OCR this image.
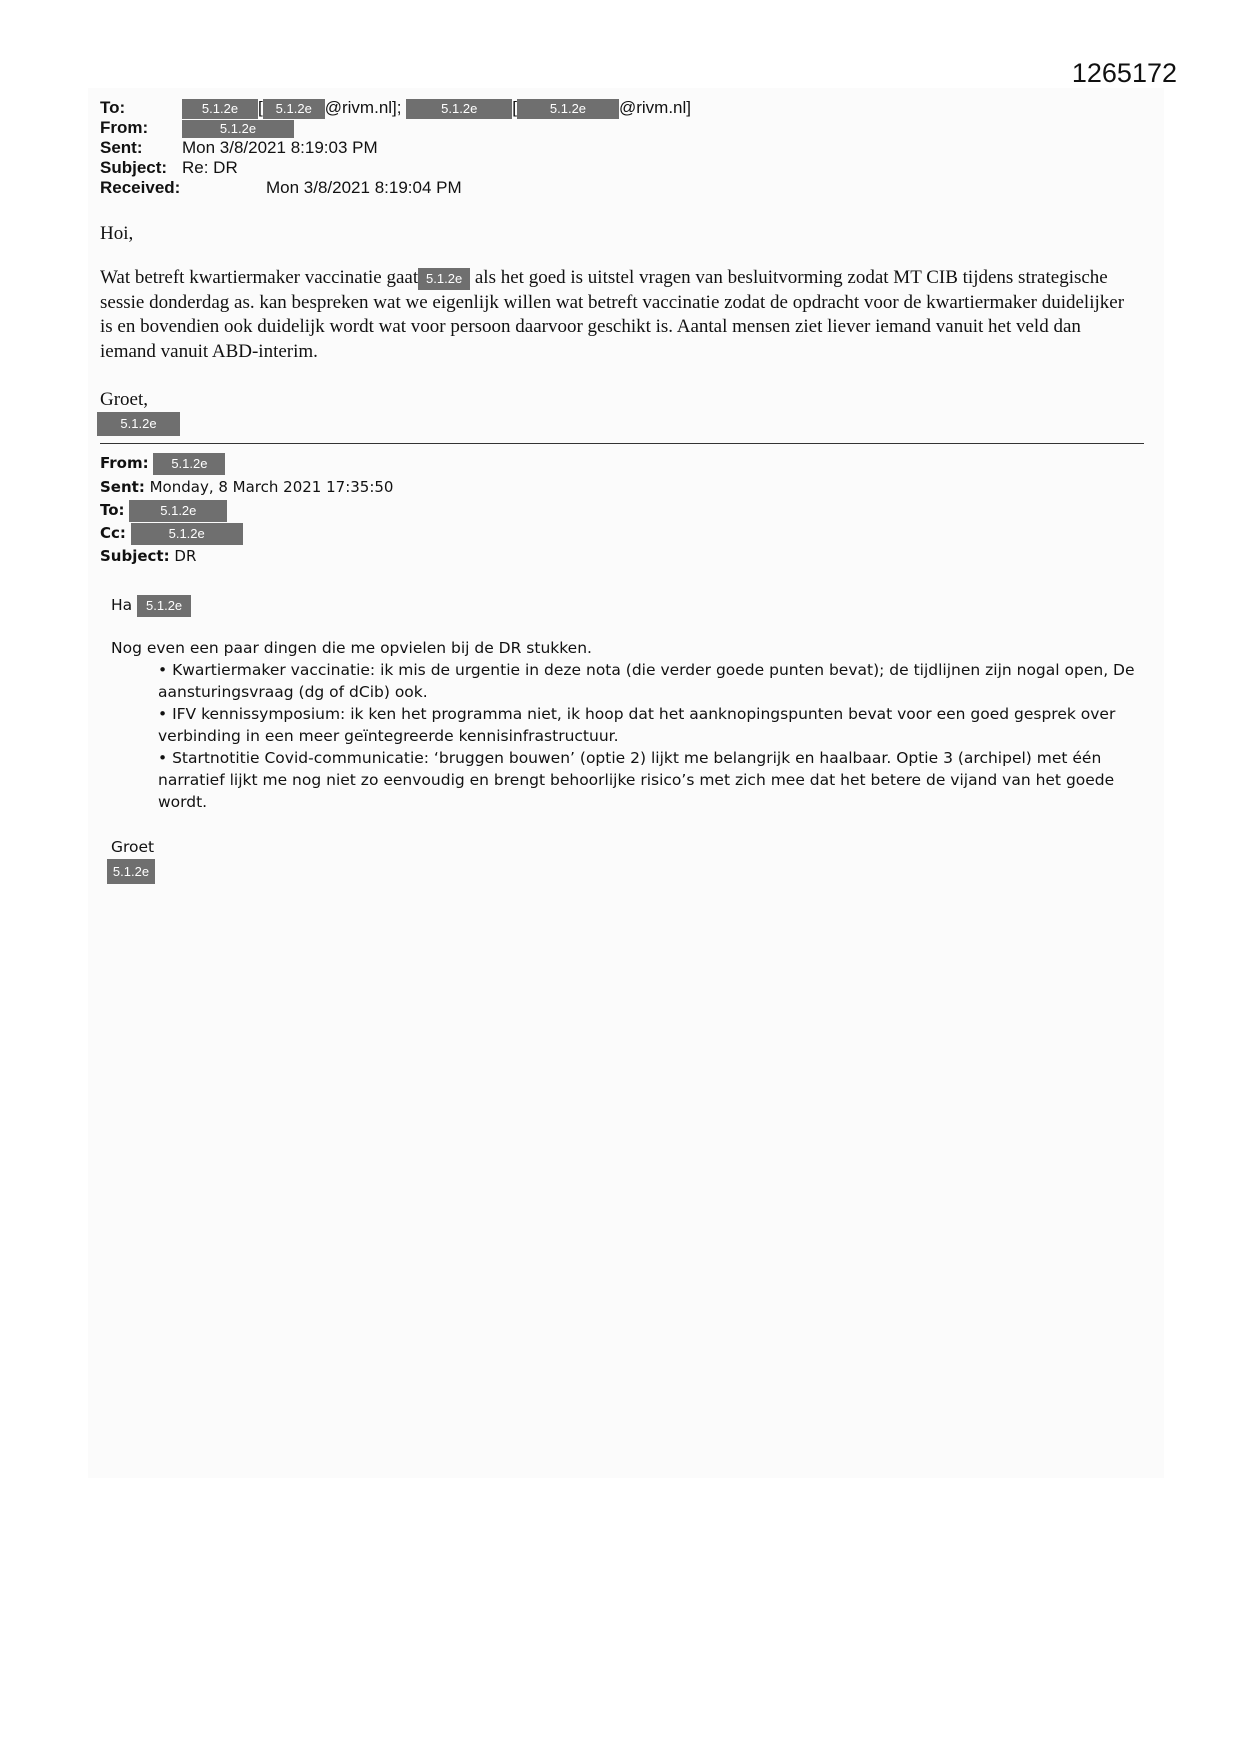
1265172
To:	5.1.2e [ 5.1.2e @rivm.nl];	5.1.2e [	5.1.2e @rivm.nl]
From:	5.1.2e
Sent: Mon 3/8/2021 8:19:03 PM
Subject: Re: DR
Received:	Mon 3/8/2021 8:19:04 PM
Hoi,
Wat betreft kwartiermaker vaccinatie gaat 5.1.2e als het goed is uitstel vragen van besluitvorming zodat MT CIB tijdens strategische sessie donderdag as. kan bespreken wat we eigenlijk willen wat betreft vaccinatie zodat de opdracht voor de kwartiermaker duidelijker is en bovendien ook duidelijk wordt wat voor persoon daarvoor geschikt is. Aantal mensen ziet liever iemand vanuit het veld dan iemand vanuit ABD-interim.
Groet,
5.1.2e
From: 5.1.2e
Sent: Monday, 8 March 2021 17:35:50
To:	5.1.2e
Cc:	5.1.2e
Subject: DR
Ha 5.1.2e
Nog even een paar dingen die me opvielen bij de DR stukken.
• Kwartiermaker vaccinatie: ik mis de urgentie in deze nota (die verder goede punten bevat); de tijdlijnen zijn nogal open, De aansturingsvraag (dg of dCib) ook.
• IFV kennissymposium: ik ken het programma niet, ik hoop dat het aanknopingspunten bevat voor een goed gesprek over verbinding in een meer geïntegreerde kennisinfrastructuur.
• Startnotitie Covid-communicatie: ‘bruggen bouwen’ (optie 2) lijkt me belangrijk en haalbaar. Optie 3 (archipel) met één narratief lijkt me nog niet zo eenvoudig en brengt behoorlijke risico’s met zich mee dat het betere de vijand van het goede wordt.
Groet
5.1.2e
